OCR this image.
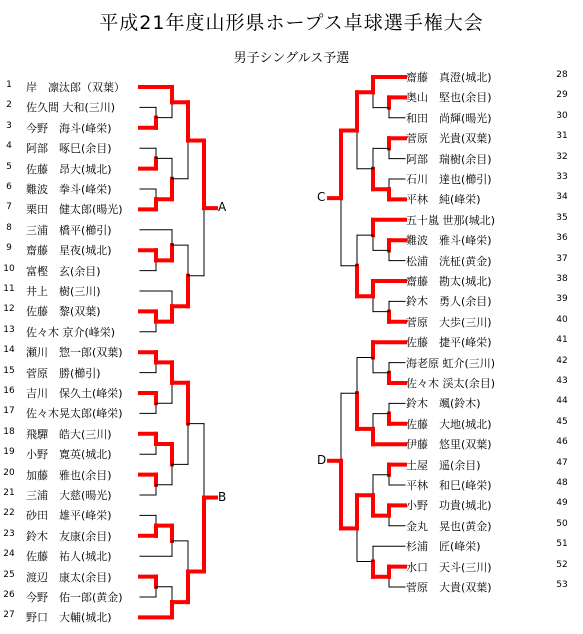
平成21年度山形県ホープス卓球選手権大会
男子シングルス予選
1	岸　凛汰郎（双葉）
2	佐久間 大和(三川)
3	今野　海斗(峰栄)
4	阿部　啄巳(余目)
5	佐藤　昂大(城北)
6	難波　拳斗(峰栄)
7	栗田　健太郎(暘光)
8	三浦　橋平(櫛引)
9	齋藤　星夜(城北)
10 富樫　玄(余目)
11 井上　樹(三川)
12 佐藤　黎(双葉)
13 佐々木 京介(峰栄)
14 瀬川　惣一郎(双葉)
15 菅原　勝(櫛引)
16 吉川　保久土(峰栄)
17 佐々木晃太郎(峰栄)
18 飛驒　皓大(三川)
19 小野　寛英(城北)
20 加藤　雅也(余目)
21 三浦　大慈(暘光)
22 砂田　雄平(峰栄)
23 鈴木　友康(余目)
24 佐藤　祐人(城北)
25 渡辺　康太(余目)
26 今野　佑一郎(黄金)
27 野口　大輔(城北)
齋藤　真澄(城北)	28
奥山　堅也(余目)	29
和田　尚輝(暘光)	30
菅原　光貴(双葉)	31
阿部　瑞樹(余目)	32
石川　達也(櫛引)	33
平林　純(峰栄)	34
五十嵐 世那(城北)	35
難波　雅斗(峰栄)	36
松浦　洸柾(黄金)	37
齋藤　勘太(城北)	38
鈴木　勇人(余目)	39
菅原　大歩(三川)	40
佐藤　捷平(峰栄)	41
海老原 虹介(三川)	42
佐々木 渓太(余目)	43
鈴木　颯(鈴木)	44
佐藤　大地(城北)	45
伊藤　悠里(双葉)	46
土屋　遥(余目)	47
平林　和巳(峰栄)	48
小野　功貴(城北)	49
金丸　晃也(黄金)	50
杉浦　匠(峰栄)	51
水口　天斗(三川)	52
菅原　大貴(双葉)	53
A
B
C
D
